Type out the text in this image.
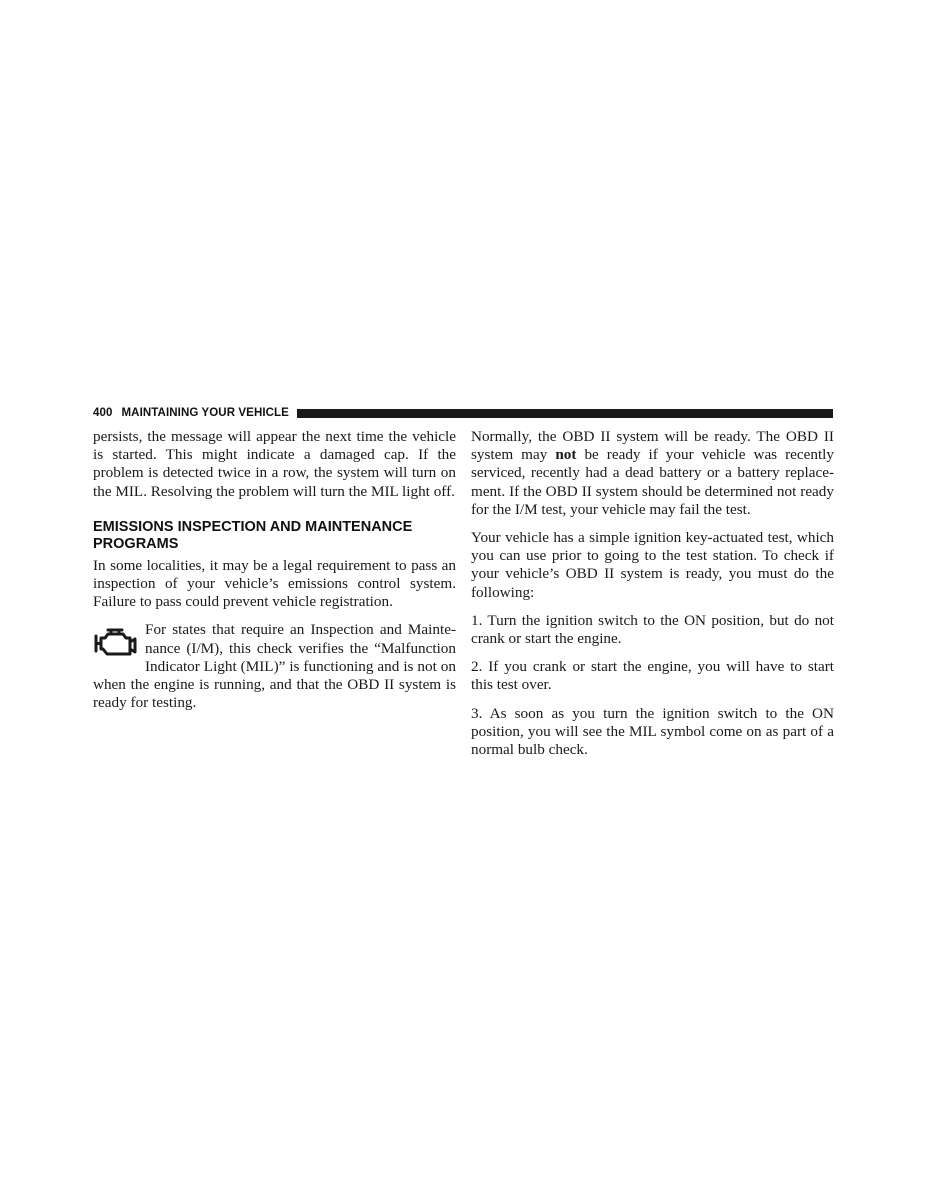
400 MAINTAINING YOUR VEHICLE

persists, the message will appear the next time the vehicle is started. This might indicate a damaged cap. If the problem is detected twice in a row, the system will turn on the MIL. Resolving the problem will turn the MIL light off.

EMISSIONS INSPECTION AND MAINTENANCE PROGRAMS

In some localities, it may be a legal requirement to pass an inspection of your vehicle’s emissions control system. Failure to pass could prevent vehicle registration.

For states that require an Inspection and Maintenance (I/M), this check verifies the “Malfunction Indicator Light (MIL)” is functioning and is not on when the engine is running, and that the OBD II system is ready for testing.

Normally, the OBD II system will be ready. The OBD II system may not be ready if your vehicle was recently serviced, recently had a dead battery or a battery replacement. If the OBD II system should be determined not ready for the I/M test, your vehicle may fail the test.

Your vehicle has a simple ignition key-actuated test, which you can use prior to going to the test station. To check if your vehicle’s OBD II system is ready, you must do the following:

1. Turn the ignition switch to the ON position, but do not crank or start the engine.

2. If you crank or start the engine, you will have to start this test over.

3. As soon as you turn the ignition switch to the ON position, you will see the MIL symbol come on as part of a normal bulb check.
